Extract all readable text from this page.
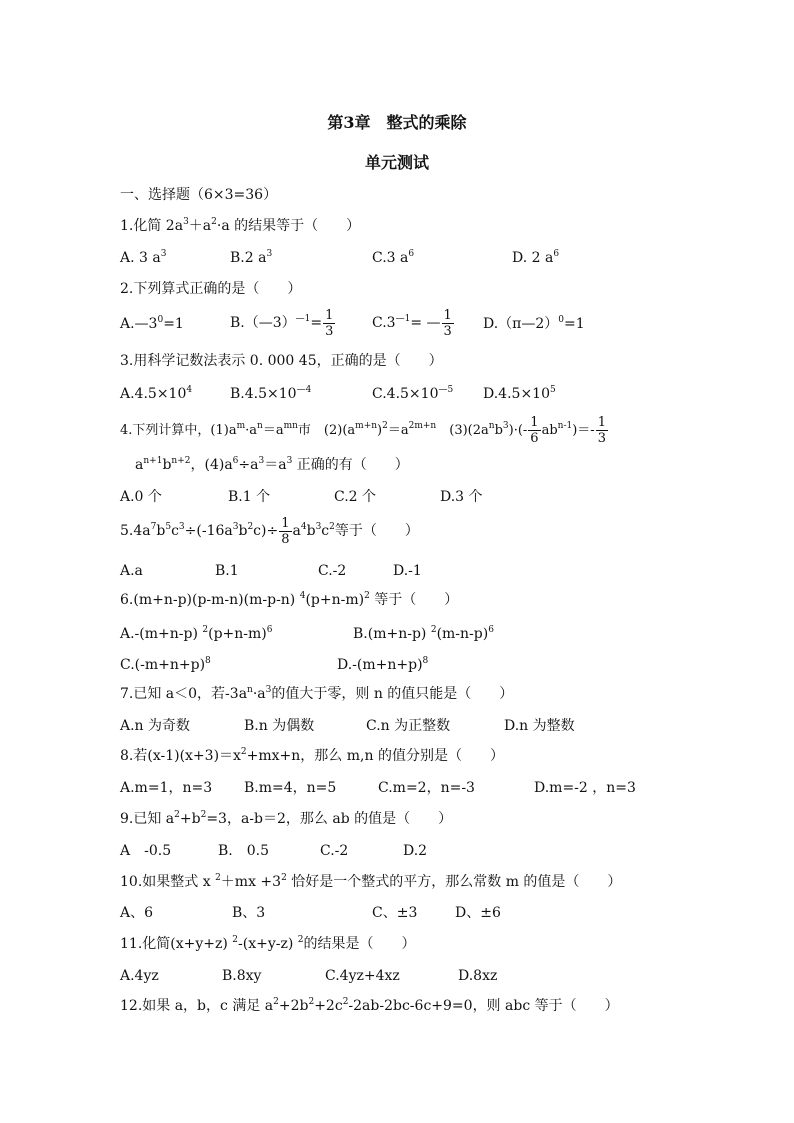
第3章　整式的乘除
单元测试
一、选择题（6×3=36）
1.化简 $2a^3+a^2\cdot a$ 的结果等于（　　）
A. 3 $a^3$	B.2 $a^3$	C.3 $a^6$	D. 2 $a^6$
2.下列算式正确的是（　　）
$A.—3^0=1$	B.（—3）$^{—1}$= $\frac{1}{3}$	$C.3^{—1}=$ — $\frac{1}{3}$ D.（π—2）$^0$=1
3.用科学记数法表示 0. 000 45，正确的是（　　）
$A.4.5\times 10^4$	$B.4.5\times 10^{—4}$	$C.4.5\times 10^{—5}$ $D.4.5\times 10^5$
4.下列计算中，$(1)a^m\cdot a^n=a^{mn}$巿　$(2)(a^{m+n})^2=a^{2m+n}$　 $(3)(2a^nb^3)\cdot(- \frac{1}{6} ab^{n-1})=- \frac{1}{3}$
$a^{n+1}b^{n+2}$，$(4)a^6\div a^3=a^3$ 正确的有（　　）
A.0 个	B.1 个	C.2 个	D.3 个
$5.4a^7b^5c^3\div(-16a^3b^2c)\div \frac{1}{8} a^4b^3c^2$等于（　　）
A.a	B.1	C.-2	D.-1
6.(m+n-p)(p-m-n)(m-p-n) $^4(p+n-m)^2$ 等于（　　）
A.-(m+n-p) $^2(p+n-m)^6$	B.(m+n-p) $^2(m-n-p)^6$
$C.(-m+n+p)^8$	$D.-(m+n+p)^8$
7.已知 a＜0，若$-3a^n\cdot a^3$的值大于零，则 n 的值只能是（　　）
A.n 为奇数	B.n 为偶数	C.n 为正整数	D.n 为整数
8.若$(x-1)(x+3)=x^2+mx+n$，那么 m,n 的值分别是（　　）
A.m=1，n=3 B.m=4，n=5	C.m=2，n=-3	D.m=-2 ，n=3
9.已知 $a^2+b^2=3$，a-b＝2，那么 ab 的值是（　　）
A　-0.5	B.　0.5	C.-2	D.2
10.如果整式 x $^2+mx +3^2$ 恰好是一个整式的平方，那么常数 m 的值是（　　）
A、6	B、3	C、±3	D、±6
11.化简(x+y+z) $^2$-(x+y-z) $^2$的结果是（　　）
A.4yz	B.8xy	C.4yz+4xz	D.8xz
12.如果 a，b，c 满足 $a^2+2b^2+2c^2-2ab-2bc-6c+9=0$，则 abc 等于（　　）
